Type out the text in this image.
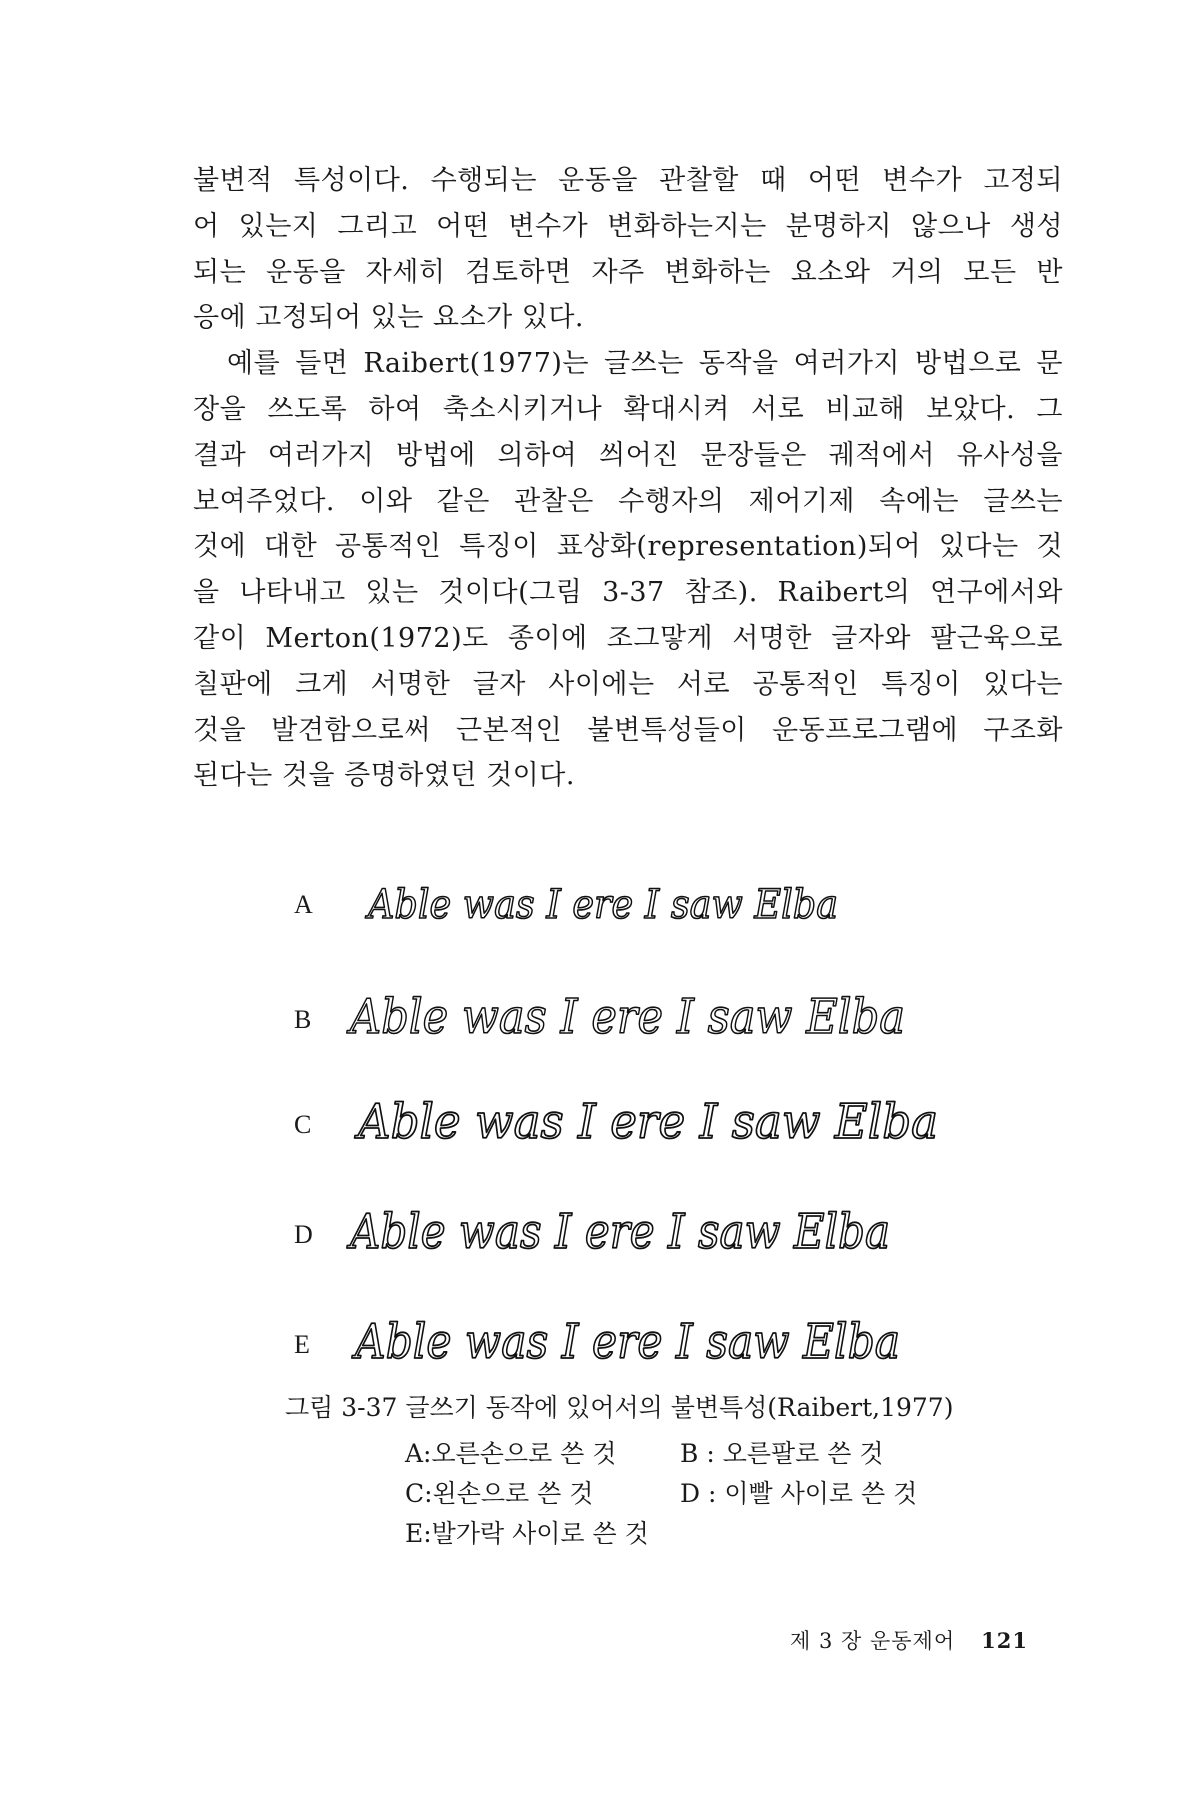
불변적 특성이다. 수행되는 운동을 관찰할 때 어떤 변수가 고정되

어 있는지 그리고 어떤 변수가 변화하는지는 분명하지 않으나 생성

되는 운동을 자세히 검토하면 자주 변화하는 요소와 거의 모든 반

응에 고정되어 있는 요소가 있다.

예를 들면 Raibert(1977)는 글쓰는 동작을 여러가지 방법으로 문

장을 쓰도록 하여 축소시키거나 확대시켜 서로 비교해 보았다. 그

결과 여러가지 방법에 의하여 씌어진 문장들은 궤적에서 유사성을

보여주었다. 이와 같은 관찰은 수행자의 제어기제 속에는 글쓰는

것에 대한 공통적인 특징이 표상화(representation)되어 있다는 것

을 나타내고 있는 것이다(그림 3-37 참조). Raibert의 연구에서와

같이 Merton(1972)도 종이에 조그맣게 서명한 글자와 팔근육으로

칠판에 크게 서명한 글자 사이에는 서로 공통적인 특징이 있다는

것을 발견함으로써 근본적인 불변특성들이 운동프로그램에 구조화

된다는 것을 증명하였던 것이다.

A Able was I ere I saw Elba
B Able was I ere I saw Elba
C Able was I ere I saw Elba
D Able was I ere I saw Elba
E Able was I ere I saw Elba
그림 3-37 글쓰기 동작에 있어서의 불변특성(Raibert,1977)
A:오른손으로 쓴 것	B : 오른팔로 쓴 것
C:왼손으로 쓴 것	D : 이빨 사이로 쓴 것
E:발가락 사이로 쓴 것
제 3 장 운동제어 121
